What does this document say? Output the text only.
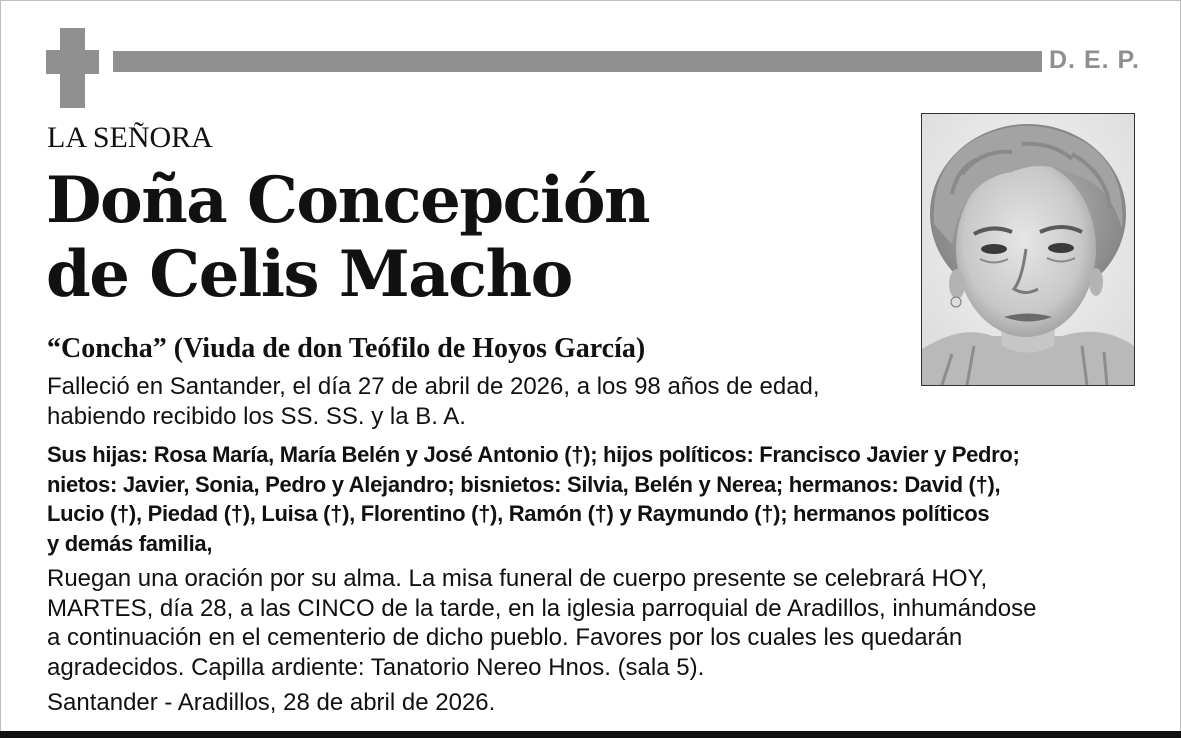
D. E. P.
LA SEÑORA
Doña Concepción
de Celis Macho
“Concha” (Viuda de don Teófilo de Hoyos García)
Falleció en Santander, el día 27 de abril de 2026, a los 98 años de edad,
habiendo recibido los SS. SS. y la B. A.
Sus hijas: Rosa María, María Belén y José Antonio (†); hijos políticos: Francisco Javier y Pedro;
nietos: Javier, Sonia, Pedro y Alejandro; bisnietos: Silvia, Belén y Nerea; hermanos: David (†),
Lucio (†), Piedad (†), Luisa (†), Florentino (†), Ramón (†) y Raymundo (†); hermanos políticos
y demás familia,
Ruegan una oración por su alma. La misa funeral de cuerpo presente se celebrará HOY,
MARTES, día 28, a las CINCO de la tarde, en la iglesia parroquial de Aradillos, inhumándose
a continuación en el cementerio de dicho pueblo. Favores por los cuales les quedarán
agradecidos. Capilla ardiente: Tanatorio Nereo Hnos. (sala 5).
Santander - Aradillos, 28 de abril de 2026.
